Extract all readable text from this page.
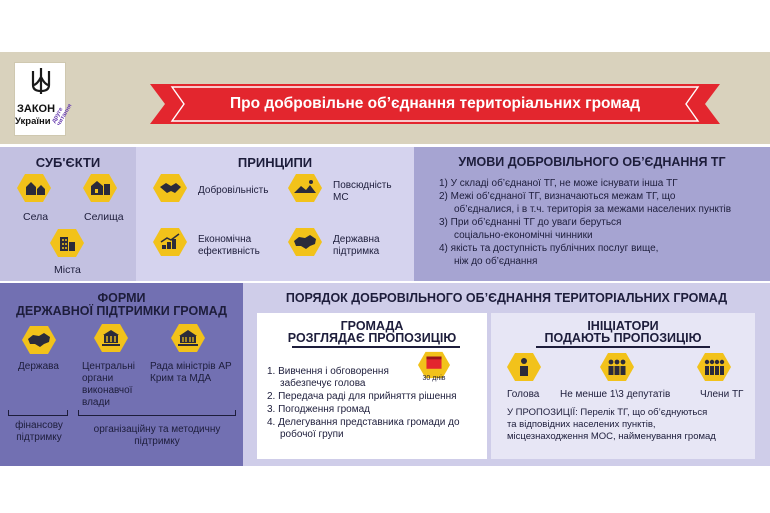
ЗАКОН
України друге читання	Про добровільне об’єднання територіальних громад
СУБ'ЄКТИ
Села	Селища
Міста
ПРИНЦИПИ
Добровільність	Повсюдність МС
Економічна ефективність
Державна підтримка
УМОВИ ДОБРОВІЛЬНОГО ОБ’ЄДНАННЯ ТГ
1) У складі об’єднаної ТГ, не може існувати інша ТГ
2) Межі об’єднаної ТГ, визначаються межам ТГ, що
об’єдналися, і в т.ч. територія за межами населених пунктів
3) При об’єднанні ТГ до уваги беруться
соціально-економічні чинники
4) якість та доступність публічних послуг вище,
ніж до об’єднання
ФОРМИ
ДЕРЖАВНОЇ ПІДТРИМКИ ГРОМАД
Держава Центральні органи виконавчої влади
Рада міністрів АР Крим та МДА
фінансову підтримку
організаційну та методичну підтримку
ПОРЯДОК ДОБРОВІЛЬНОГО ОБ’ЄДНАННЯ ТЕРИТОРІАЛЬНИХ ГРОМАД
ГРОМАДА
РОЗГЛЯДАЄ ПРОПОЗИЦІЮ
30 днів
1. Вивчення і обговорення
забезпечує голова
2. Передача раді для прийняття рішення
3. Погодження громад
4. Делегування представника громади до
робочої групи
ІНІЦІАТОРИ
ПОДАЮТЬ ПРОПОЗИЦІЮ
Голова Не менше 1\3 депутатів	Члени ТГ
У ПРОПОЗИЦІЇ: Перелік ТГ, що об’єднуються
та відповідних населених пунктів,
місцезнаходження МОС, найменування громад
